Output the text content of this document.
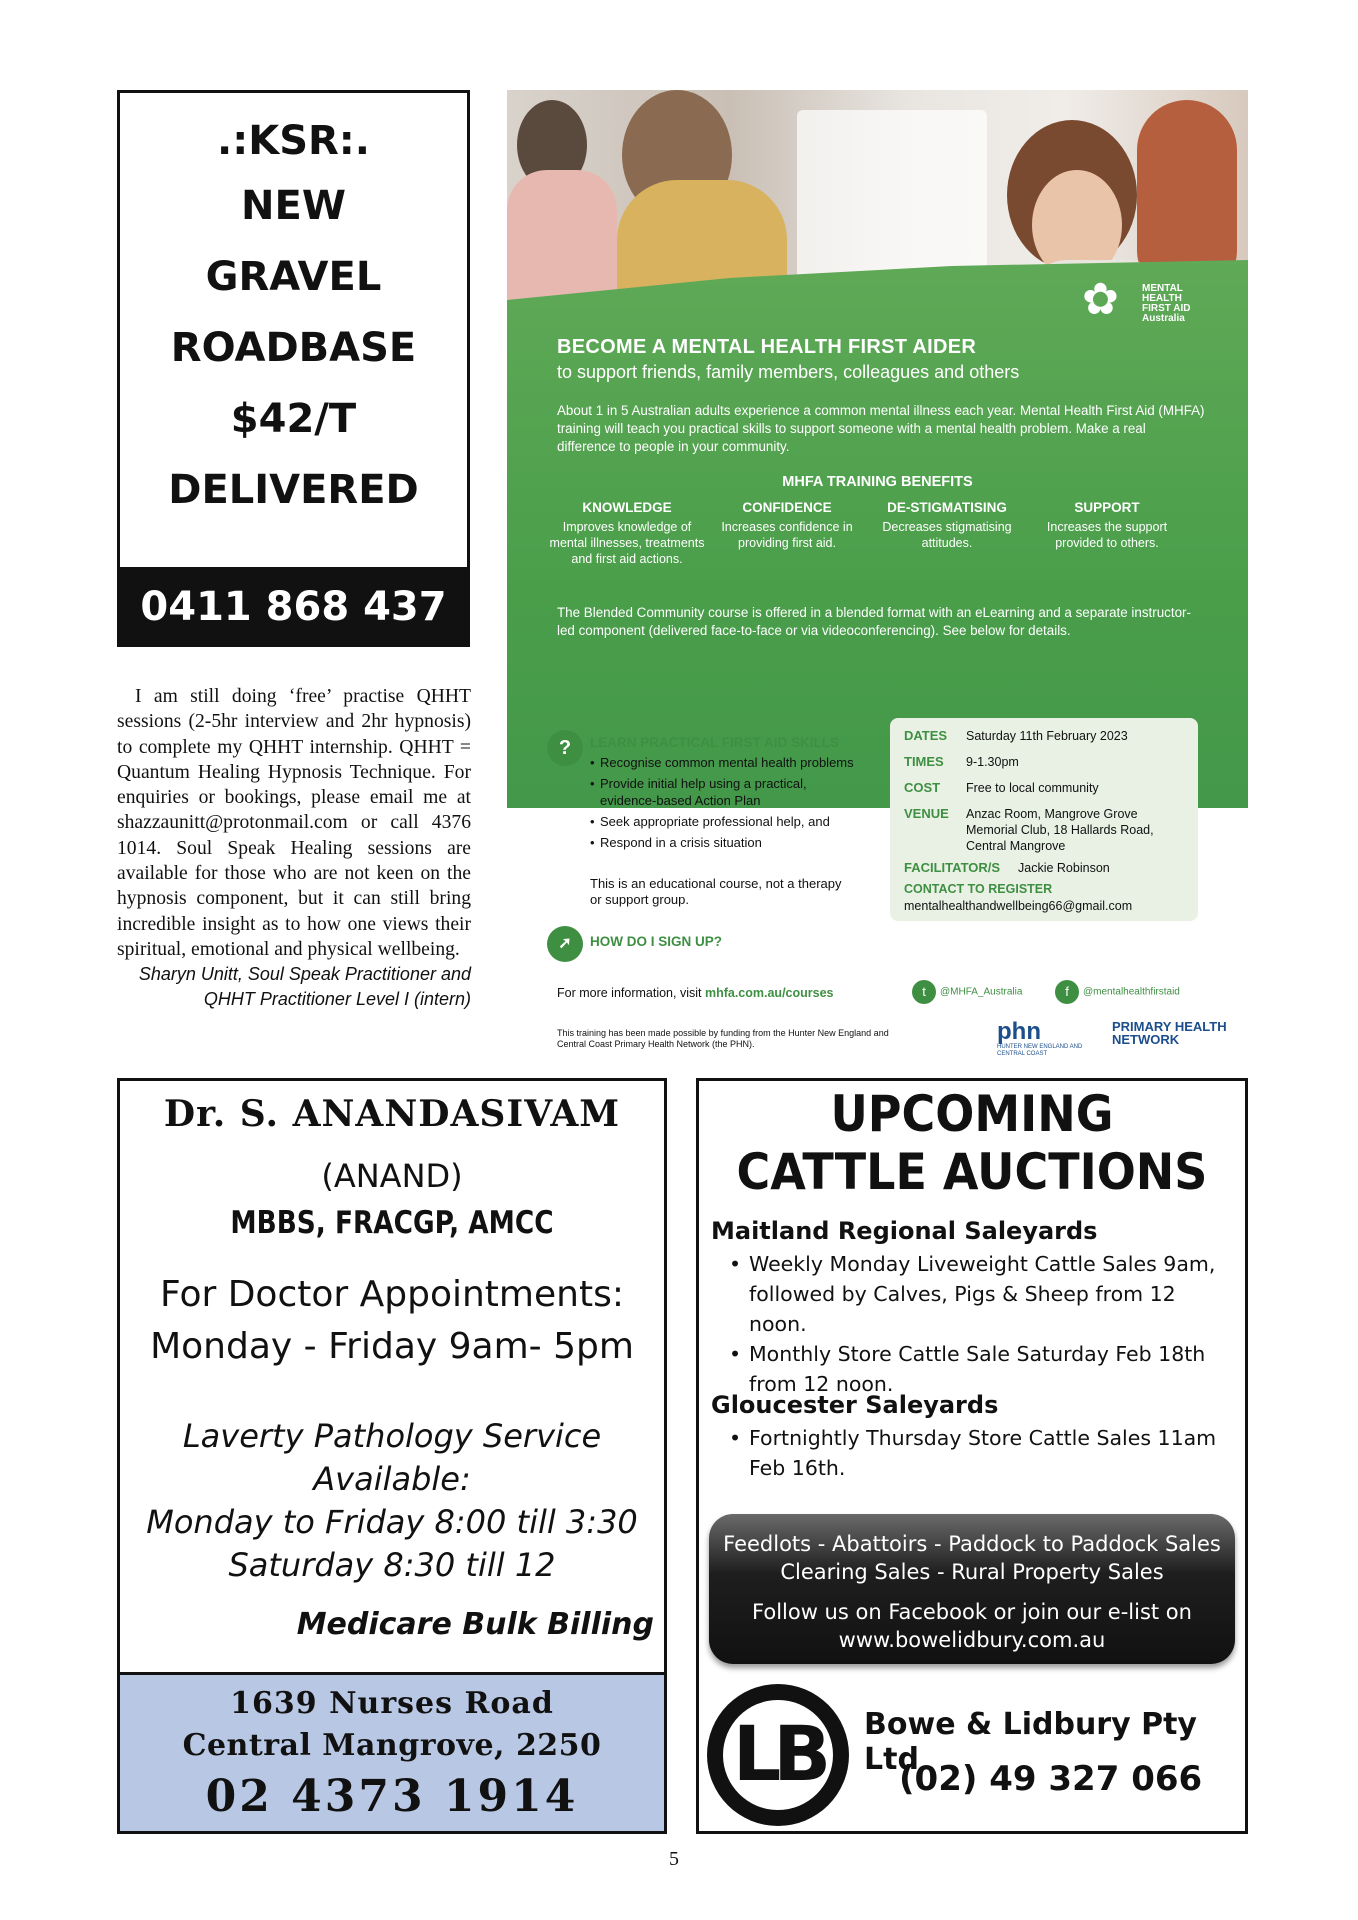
.:KSR:.
NEW
GRAVEL
ROADBASE
$42/T
DELIVERED
0411 868 437

I am still doing ‘free’ practise QHHT sessions (2-5hr interview and 2hr hypnosis) to complete my QHHT internship. QHHT = Quantum Healing Hypnosis Technique. For enquiries or bookings, please email me at shazzaunitt@protonmail.com or call 4376 1014. Soul Speak Healing sessions are available for those who are not keen on the hypnosis component, but it can still bring incredible insight as to how one views their spiritual, emotional and physical wellbeing.

Sharyn Unitt, Soul Speak Practitioner and

QHHT Practitioner Level I (intern)

✿ MENTAL HEALTH FIRST AID Australia
BECOME A MENTAL HEALTH FIRST AIDER
to support friends, family members, colleagues and others
About 1 in 5 Australian adults experience a common mental illness each year. Mental Health First Aid (MHFA) training will teach you practical skills to support someone with a mental health problem. Make a real difference to people in your community.
MHFA TRAINING BENEFITS
KNOWLEDGE
Improves knowledge of mental illnesses, treatments and first aid actions.
CONFIDENCE
Increases confidence in providing first aid.
DE-STIGMATISING
Decreases stigmatising attitudes.
SUPPORT
Increases the support provided to others.
The Blended Community course is offered in a blended format with an eLearning and a separate instructor-led component (delivered face-to-face or via videoconferencing). See below for details.
?	LEARN PRACTICAL FIRST AID SKILLS
• Recognise common mental health problems
• Provide initial help using a practical, evidence-based Action Plan
• Seek appropriate professional help, and
• Respond in a crisis situation
This is an educational course, not a therapy or support group.
➚	HOW DO I SIGN UP?
DATES Saturday 11th February 2023
TIMES 9-1.30pm
COST Free to local community
VENUE Anzac Room, Mangrove Grove Memorial Club, 18 Hallards Road, Central Mangrove
FACILITATOR/S Jackie Robinson
CONTACT TO REGISTER
mentalhealthandwellbeing66@gmail.com
For more information, visit mhfa.com.au/courses	t @MHFA_Australia	f @mentalhealthfirstaid
This training has been made possible by funding from the Hunter New England and Central Coast Primary Health Network (the PHN).	phn
HUNTER NEW ENGLAND AND CENTRAL COAST
PRIMARY HEALTH NETWORK
Dr. S. ANANDASIVAM
(ANAND)
MBBS, FRACGP, AMCC
For Doctor Appointments:
Monday - Friday 9am- 5pm
Laverty Pathology Service
Available:
Monday to Friday 8:00 till 3:30
Saturday 8:30 till 12
Medicare Bulk Billing
1639 Nurses Road
Central Mangrove, 2250
02 4373 1914
UPCOMING
CATTLE AUCTIONS
Maitland Regional Saleyards
• Weekly Monday Liveweight Cattle Sales 9am, followed by Calves, Pigs & Sheep from 12 noon.
• Monthly Store Cattle Sale Saturday Feb 18th from 12 noon.
Gloucester Saleyards
• Fortnightly Thursday Store Cattle Sales 11am Feb 16th.
Feedlots - Abattoirs - Paddock to Paddock Sales
Clearing Sales - Rural Property Sales
Follow us on Facebook or join our e-list on
www.bowelidbury.com.au
LB	Bowe & Lidbury Pty Ltd
(02) 49 327 066
5
